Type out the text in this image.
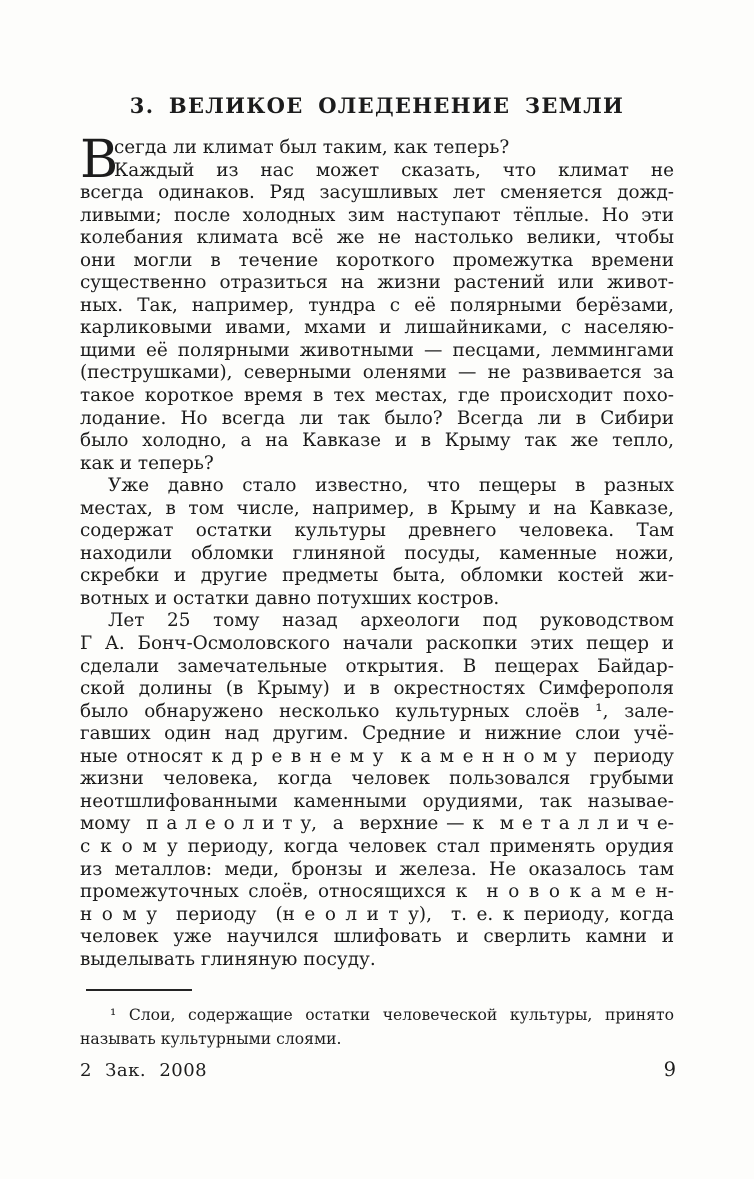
3. ВЕЛИКОЕ ОЛЕДЕНЕНИЕ ЗЕМЛИ
В
сегда ли климат был таким, как теперь?
Каждый из нас может сказать, что климат не
всегда одинаков. Ряд засушливых лет сменяется дожд-
ливыми; после холодных зим наступают тёплые. Но эти
колебания климата всё же не настолько велики, чтобы
они могли в течение короткого промежутка времени
существенно отразиться на жизни растений или живот-
ных. Так, например, тундра с её полярными берёзами,
карликовыми ивами, мхами и лишайниками, с населяю-
щими её полярными животными — песцами, леммингами
(пеструшками), северными оленями — не развивается за
такое короткое время в тех местах, где происходит похо-
лодание. Но всегда ли так было? Всегда ли в Сибири
было холодно, а на Кавказе и в Крыму так же тепло,
как и теперь?
Уже давно стало известно, что пещеры в разных
местах, в том числе, например, в Крыму и на Кавказе,
содержат остатки культуры древнего человека. Там
находили обломки глиняной посуды, каменные ножи,
скребки и другие предметы быта, обломки костей жи-
вотных и остатки давно потухших костров.
Лет 25 тому назад археологи под руководством
Г А. Бонч-Осмоловского начали раскопки этих пещер и
сделали замечательные открытия. В пещерах Байдар-
ской долины (в Крыму) и в окрестностях Симферополя
было обнаружено несколько культурных слоёв ¹, зале-
гавших один над другим. Средние и нижние слои учё-
ные относят к д р е в н е м у  к а м е н н о м у  периоду
жизни человека, когда человек пользовался грубыми
неотшлифованными каменными орудиями, так называе-
мому  п а л е о л и т у,  а  верхние — к  м е т а л л и ч е-
с к о м у периоду, когда человек стал применять орудия
из металлов: меди, бронзы и железа. Не оказалось там
промежуточных слоёв, относящихся к  н о в о к а м е н-
н о м у  периоду  (н е о л и т у),  т. е. к периоду, когда
человек уже научился шлифовать и сверлить камни и
выделывать глиняную посуду.
¹ Слои, содержащие остатки человеческой культуры, принято
называть культурными слоями.
2 Зак. 2008	9
